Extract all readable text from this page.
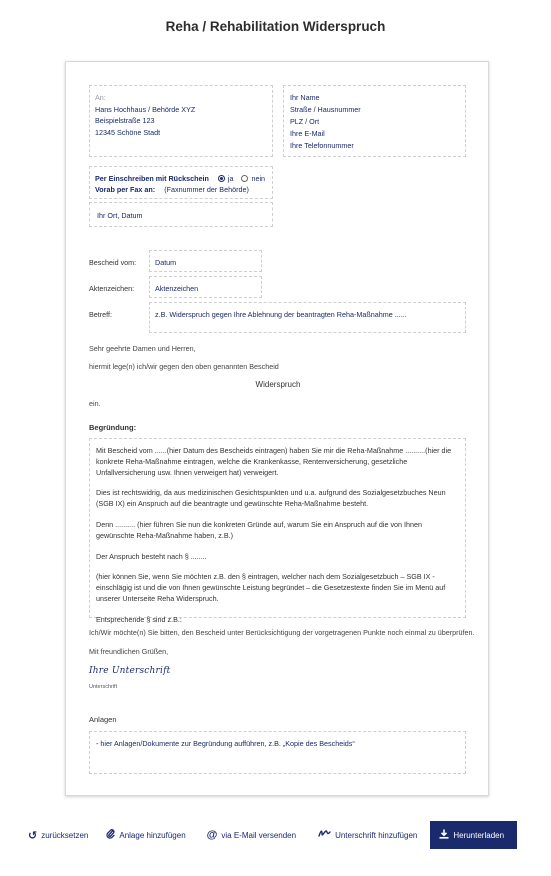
Reha / Rehabilitation Widerspruch
An:
Hans Hochhaus / Behörde XYZ
Beispielstraße 123
12345 Schöne Stadt
Ihr Name
Straße / Hausnummer
PLZ / Ort
Ihre E-Mail
Ihre Telefonnummer
Per Einschreiben mit Rückschein	ja	nein
Vorab per Fax an: (Faxnummer der Behörde)
Ihr Ort, Datum
Bescheid vom:	Datum
Aktenzeichen:	Aktenzeichen
Betreff:	z.B. Widerspruch gegen Ihre Ablehnung der beantragten Reha-Maßnahme ......
Sehr geehrte Damen und Herren,
hiermit lege(n) ich/wir gegen den oben genannten Bescheid
Widerspruch
ein.
Begründung:

Mit Bescheid vom ......(hier Datum des Bescheids eintragen) haben Sie mir die Reha-Maßnahme ..........(hier die konkrete Reha-Maßnahme eintragen, welche die Krankenkasse, Rentenversicherung, gesetzliche Unfallversicherung usw. Ihnen verweigert hat) verweigert.

Dies ist rechtswidrig, da aus medizinischen Gesichtspunkten und u.a. aufgrund des Sozialgesetzbuches Neun (SGB IX) ein Anspruch auf die beantragte und gewünschte Reha-Maßnahme besteht.

Denn .......... (hier führen Sie nun die konkreten Gründe auf, warum Sie ein Anspruch auf die von Ihnen gewünschte Reha-Maßnahme haben, z.B.)

Der Anspruch besteht nach § ........

(hier können Sie, wenn Sie möchten z.B. den § eintragen, welcher nach dem Sozialgesetzbuch – SGB IX - einschlägig ist und die von Ihnen gewünschte Leistung begründet – die Gesetzestexte finden Sie im Menü auf unserer Unterseite Reha Widerspruch.

Entsprechende § sind z.B.:

Ich/Wir möchte(n) Sie bitten, den Bescheid unter Berücksichtigung der vorgetragenen Punkte noch einmal zu überprüfen.
Mit freundlichen Grüßen,
Ihre Unterschrift
Unterschrift
Anlagen
- hier Anlagen/Dokumente zur Begründung aufführen, z.B. „Kopie des Bescheids“
↺ zurücksetzen	Anlage hinzufügen @ via E-Mail versenden	Unterschrift hinzufügen	Herunterladen
